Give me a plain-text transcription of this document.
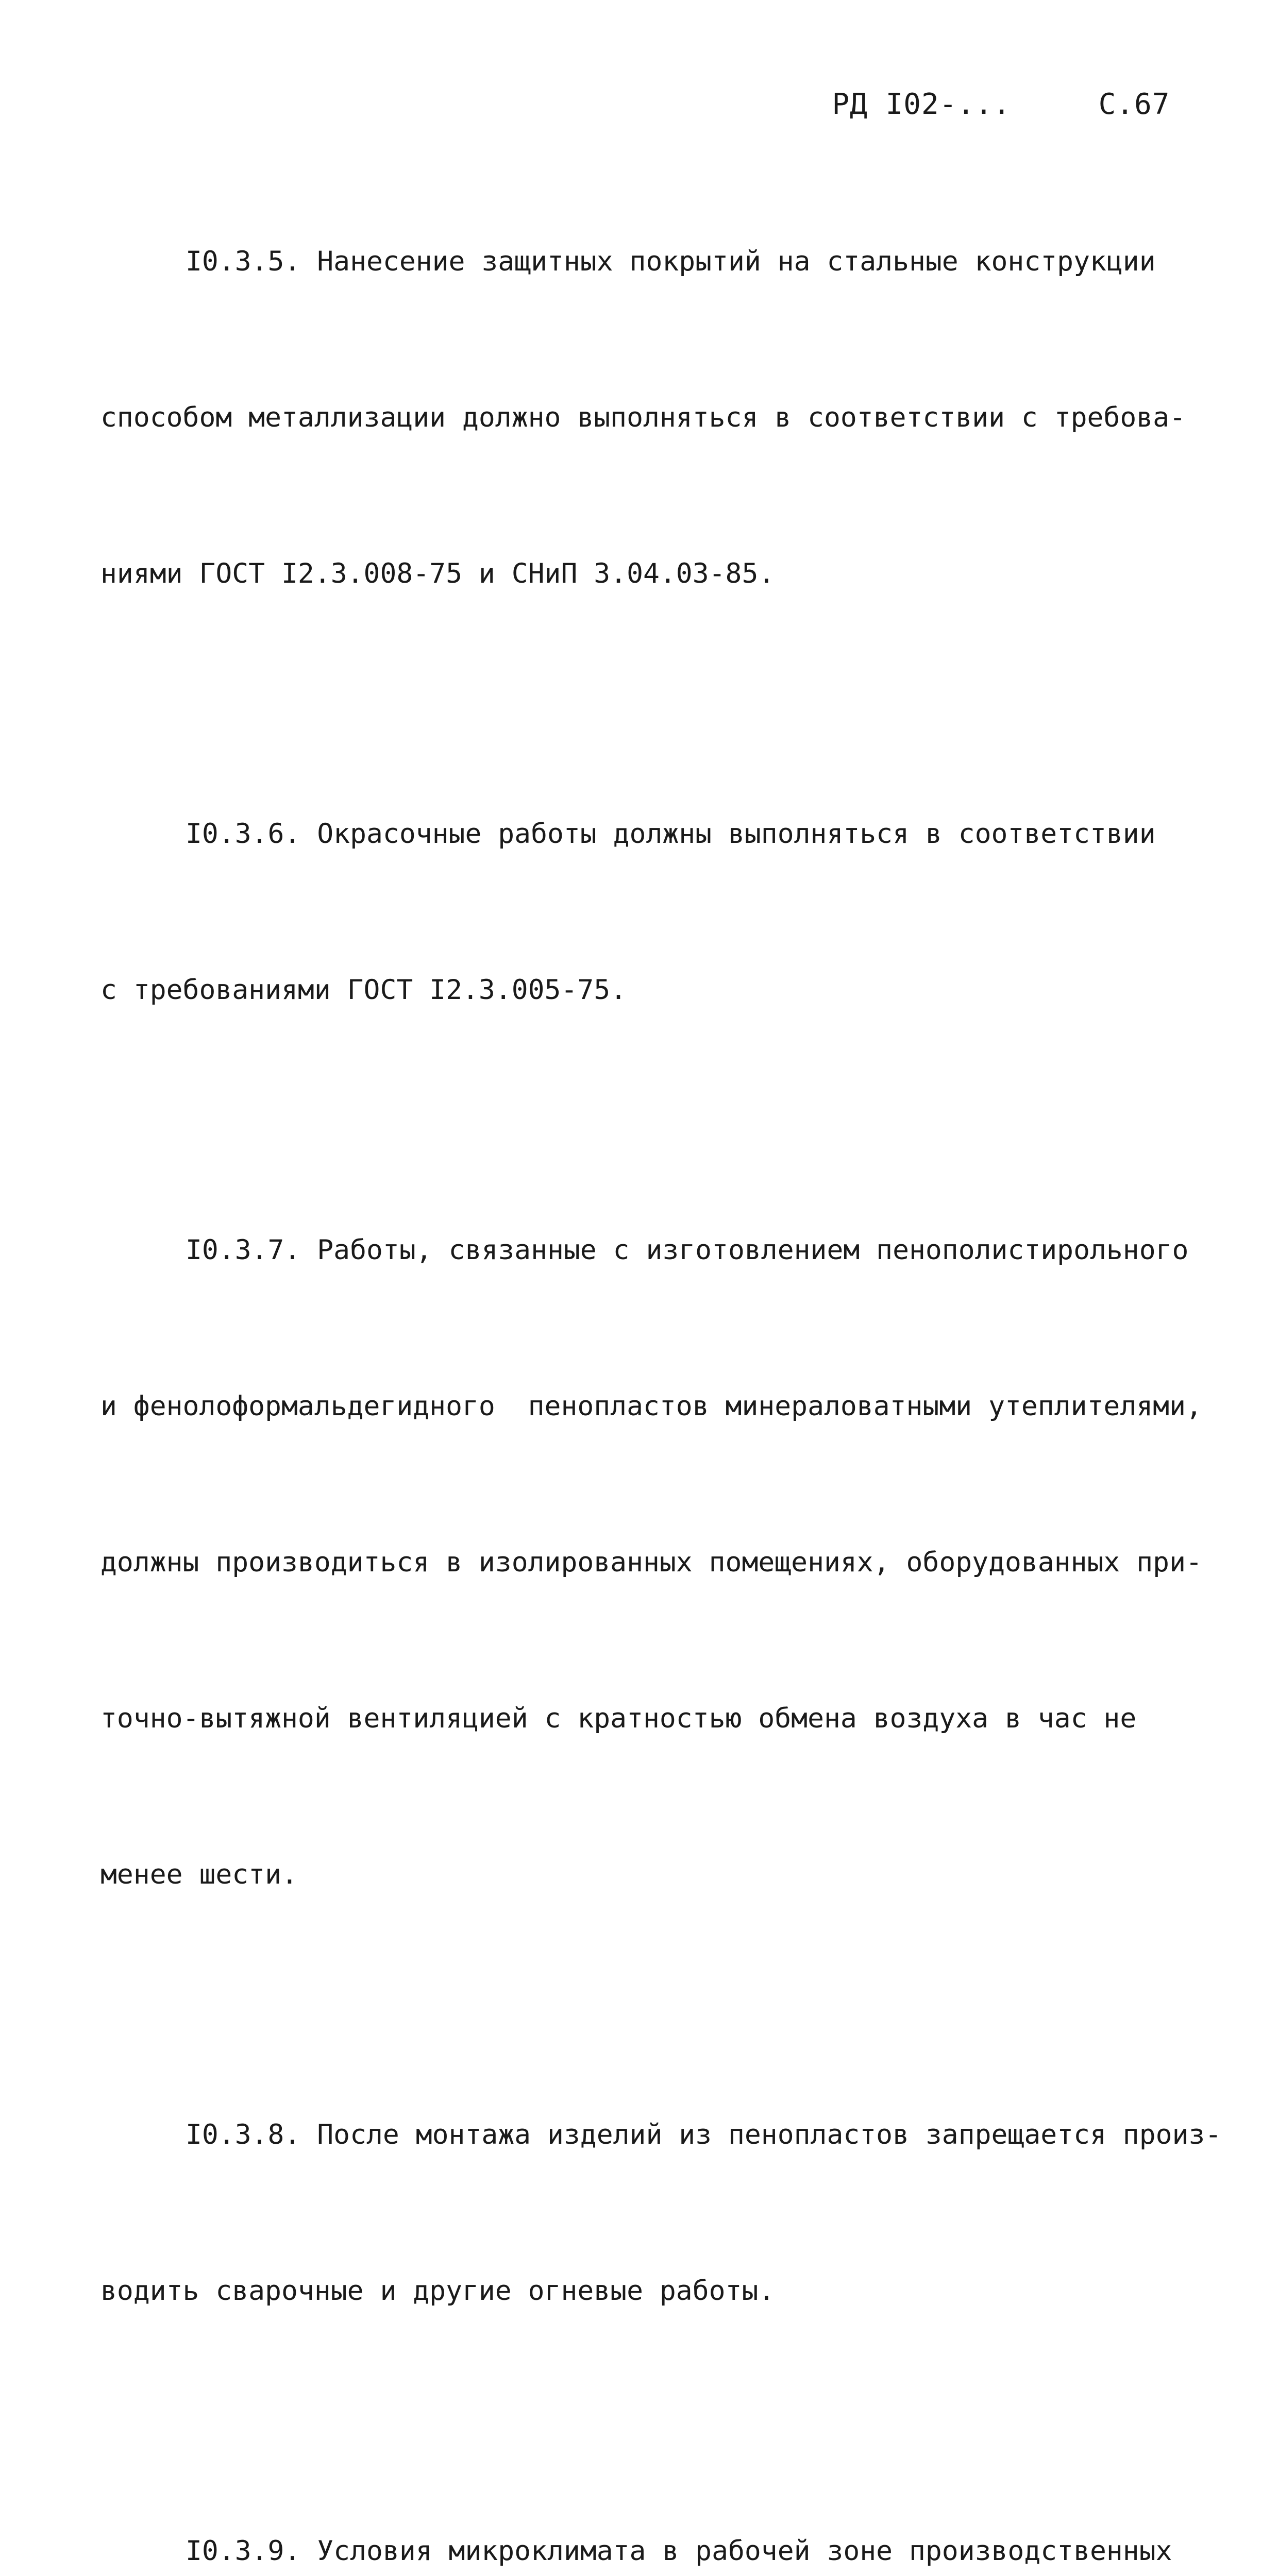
РД I02-...	С.67

I0.3.5. Нанесение защитных покрытий на стальные конструкции

способом металлизации должно выполняться в соответствии с требова-

ниями ГОСТ I2.3.008-75 и СНиП 3.04.03-85.

I0.3.6. Окрасочные работы должны выполняться в соответствии

с требованиями ГОСТ I2.3.005-75.

I0.3.7. Работы, связанные с изготовлением пенополистирольного

и фенолоформальдегидного  пенопластов минераловатными утеплителями,

должны производиться в изолированных помещениях, оборудованных при-

точно-вытяжной вентиляцией с кратностью обмена воздуха в час не

менее шести.

I0.3.8. После монтажа изделий из пенопластов запрещается произ-

водить сварочные и другие огневые работы.

I0.3.9. Условия микроклимата в рабочей зоне производственных
